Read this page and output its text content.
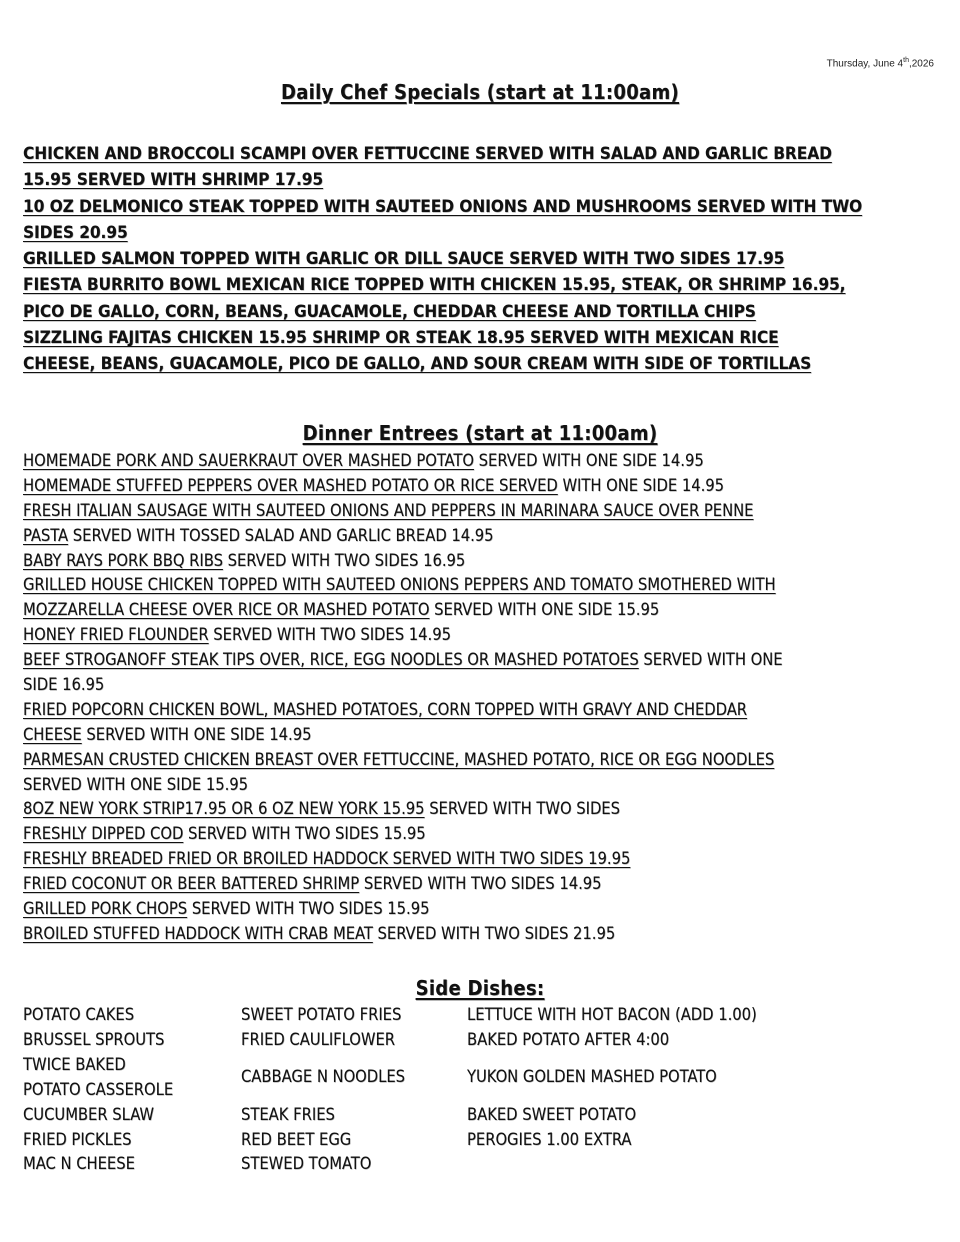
Thursday, June 4th,2026
Daily Chef Specials (start at 11:00am)
CHICKEN AND BROCCOLI SCAMPI OVER FETTUCCINE SERVED WITH SALAD AND GARLIC BREAD
15.95 SERVED WITH SHRIMP 17.95
10 OZ DELMONICO STEAK TOPPED WITH SAUTEED ONIONS AND MUSHROOMS SERVED WITH TWO
SIDES 20.95
GRILLED SALMON TOPPED WITH GARLIC OR DILL SAUCE SERVED WITH TWO SIDES 17.95
FIESTA BURRITO BOWL MEXICAN RICE TOPPED WITH CHICKEN 15.95, STEAK, OR SHRIMP 16.95,
PICO DE GALLO, CORN, BEANS, GUACAMOLE, CHEDDAR CHEESE AND TORTILLA CHIPS
SIZZLING FAJITAS CHICKEN 15.95 SHRIMP OR STEAK 18.95 SERVED WITH MEXICAN RICE
CHEESE, BEANS, GUACAMOLE, PICO DE GALLO, AND SOUR CREAM WITH SIDE OF TORTILLAS
Dinner Entrees (start at 11:00am)
HOMEMADE PORK AND SAUERKRAUT OVER MASHED POTATO SERVED WITH ONE SIDE 14.95
HOMEMADE STUFFED PEPPERS OVER MASHED POTATO OR RICE SERVED WITH ONE SIDE 14.95
FRESH ITALIAN SAUSAGE WITH SAUTEED ONIONS AND PEPPERS IN MARINARA SAUCE OVER PENNE
PASTA SERVED WITH TOSSED SALAD AND GARLIC BREAD 14.95
BABY RAYS PORK BBQ RIBS SERVED WITH TWO SIDES 16.95
GRILLED HOUSE CHICKEN TOPPED WITH SAUTEED ONIONS PEPPERS AND TOMATO SMOTHERED WITH
MOZZARELLA CHEESE OVER RICE OR MASHED POTATO SERVED WITH ONE SIDE 15.95
HONEY FRIED FLOUNDER SERVED WITH TWO SIDES 14.95
BEEF STROGANOFF STEAK TIPS OVER, RICE, EGG NOODLES OR MASHED POTATOES SERVED WITH ONE
SIDE 16.95
FRIED POPCORN CHICKEN BOWL, MASHED POTATOES, CORN TOPPED WITH GRAVY AND CHEDDAR
CHEESE SERVED WITH ONE SIDE 14.95
PARMESAN CRUSTED CHICKEN BREAST OVER FETTUCCINE, MASHED POTATO, RICE OR EGG NOODLES
SERVED WITH ONE SIDE 15.95
8OZ NEW YORK STRIP17.95 OR 6 OZ NEW YORK 15.95 SERVED WITH TWO SIDES
FRESHLY DIPPED COD SERVED WITH TWO SIDES 15.95
FRESHLY BREADED FRIED OR BROILED HADDOCK SERVED WITH TWO SIDES 19.95
FRIED COCONUT OR BEER BATTERED SHRIMP SERVED WITH TWO SIDES 14.95
GRILLED PORK CHOPS SERVED WITH TWO SIDES 15.95
BROILED STUFFED HADDOCK WITH CRAB MEAT SERVED WITH TWO SIDES 21.95
Side Dishes:
POTATO CAKES	SWEET POTATO FRIES	LETTUCE WITH HOT BACON (ADD 1.00)
BRUSSEL SPROUTS	FRIED CAULIFLOWER	BAKED POTATO AFTER 4:00

TWICE BAKED
POTATO CASSEROLE	CABBAGE N NOODLES	YUKON GOLDEN MASHED POTATO
CUCUMBER SLAW	STEAK FRIES	BAKED SWEET POTATO
FRIED PICKLES	RED BEET EGG	PEROGIES 1.00 EXTRA
MAC N CHEESE	STEWED TOMATO	
